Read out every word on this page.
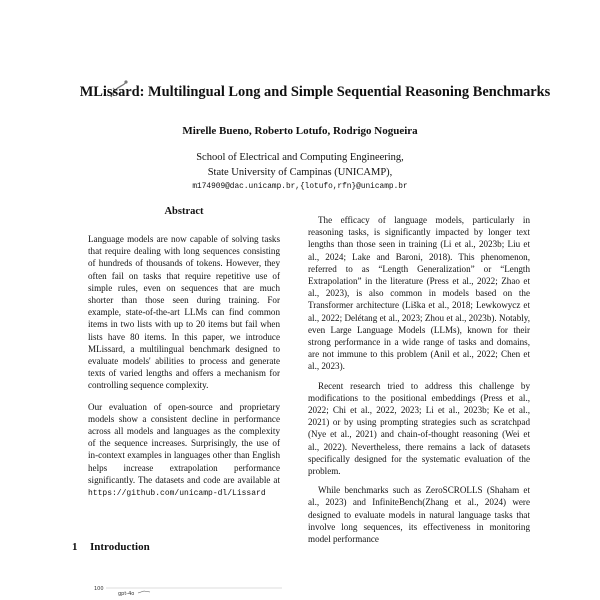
MLissard: Multilingual Long and Simple Sequential Reasoning Benchmarks
Mirelle Bueno, Roberto Lotufo, Rodrigo Nogueira
School of Electrical and Computing Engineering,
State University of Campinas (UNICAMP),
m174909@dac.unicamp.br,{lotufo,rfn}@unicamp.br
Abstract

Language models are now capable of solving tasks that require dealing with long sequences consisting of hundreds of thousands of tokens. However, they often fail on tasks that require repetitive use of simple rules, even on sequences that are much shorter than those seen during training. For example, state-of-the-art LLMs can find common items in two lists with up to 20 items but fail when lists have 80 items. In this paper, we introduce MLissard, a multilingual benchmark designed to evaluate models' abilities to process and generate texts of varied lengths and offers a mechanism for controlling sequence complexity.

Our evaluation of open-source and proprietary models show a consistent decline in performance across all models and languages as the complexity of the sequence increases. Surprisingly, the use of in-context examples in languages other than English helps increase extrapolation performance significantly. The datasets and code are available at https://github.com/unicamp-dl/Lissard

1 Introduction
100
gpt-4o

The efficacy of language models, particularly in reasoning tasks, is significantly impacted by longer text lengths than those seen in training (Li et al., 2023b; Liu et al., 2024; Lake and Baroni, 2018). This phenomenon, referred to as “Length Generalization” or “Length Extrapolation” in the literature (Press et al., 2022; Zhao et al., 2023), is also common in models based on the Transformer architecture (Liška et al., 2018; Lewkowycz et al., 2022; Delétang et al., 2023; Zhou et al., 2023b). Notably, even Large Language Models (LLMs), known for their strong performance in a wide range of tasks and domains, are not immune to this problem (Anil et al., 2022; Chen et al., 2023).

Recent research tried to address this challenge by modifications to the positional embeddings (Press et al., 2022; Chi et al., 2022, 2023; Li et al., 2023b; Ke et al., 2021) or by using prompting strategies such as scratchpad (Nye et al., 2021) and chain-of-thought reasoning (Wei et al., 2022). Nevertheless, there remains a lack of datasets specifically designed for the systematic evaluation of the problem.

While benchmarks such as ZeroSCROLLS (Shaham et al., 2023) and InfiniteBench(Zhang et al., 2024) were designed to evaluate models in natural language tasks that involve long sequences, its effectiveness in monitoring model performance
